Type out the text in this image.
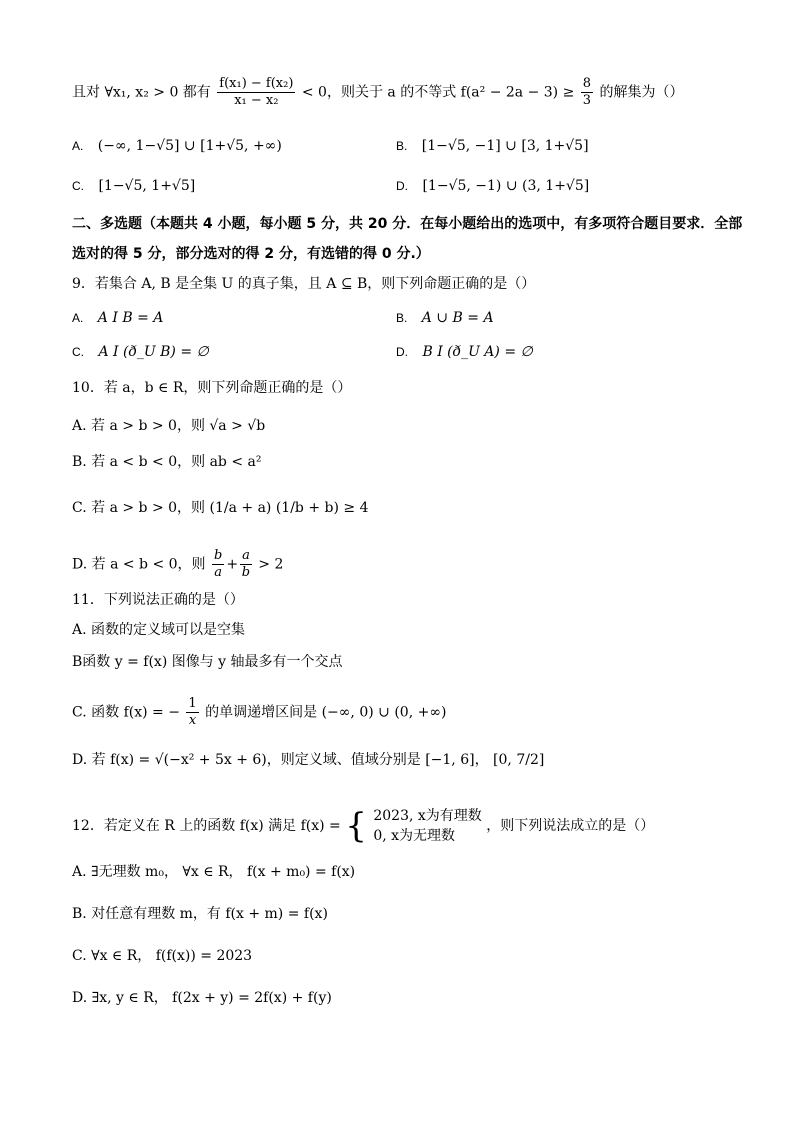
且对 ∀x₁, x₂ > 0 都有 $\frac{\text{f(x₁) − f(x₂)}}{\text{x₁ − x₂}} < 0$，则关于 a 的不等式 $f(a^2 - 2a - 3) \ge \frac{8}{3}$ 的解集为（）
A. (−∞, 1−√5] ∪ [1+√5, +∞)	B. [1−√5, −1] ∪ [3, 1+√5]
C. [1−√5, 1+√5]	D. [1−√5, −1) ∪ (3, 1+√5]
二、多选题（本题共 4 小题，每小题 5 分，共 20 分．在每小题给出的选项中，有多项符合题目要求．全部
选对的得 5 分，部分选对的得 2 分，有选错的得 0 分.）
9．若集合 A, B 是全集 U 的真子集，且 A ⊆ B，则下列命题正确的是（）
A. A Ⅰ B = A	B. A ∪ B = A
C. A Ⅰ (ð_U B) = ∅	D. B Ⅰ (ð_U A) = ∅
10．若 a，b ∈ R，则下列命题正确的是（）
A. 若 a > b > 0，则 √a > √b
B. 若 a < b < 0，则 ab < a²
C. 若 a > b > 0，则 (1/a + a) (1/b + b) ≥ 4
D. 若 a < b < 0，则 $\frac{b}{a} + \frac{a}{b} > 2$
11．下列说法正确的是（）
A. 函数的定义域可以是空集
B函数 y = f(x) 图像与 y 轴最多有一个交点
C. 函数 f(x) = − $\frac{1}{x}$ 的单调递增区间是 (−∞, 0) ∪ (0, +∞)
D. 若 f(x) = √(−x² + 5x + 6)，则定义域、值域分别是 [−1, 6]， [0, 7/2]
12．若定义在 R 上的函数 f(x) 满足 f(x) = { 2023, x为有理数
0, x为无理数
，则下列说法成立的是（）
A. ∃无理数 m₀， ∀x ∈ R， f(x + m₀) = f(x)
B. 对任意有理数 m，有 f(x + m) = f(x)
C. ∀x ∈ R， f(f(x)) = 2023
D. ∃x, y ∈ R， f(2x + y) = 2f(x) + f(y)
